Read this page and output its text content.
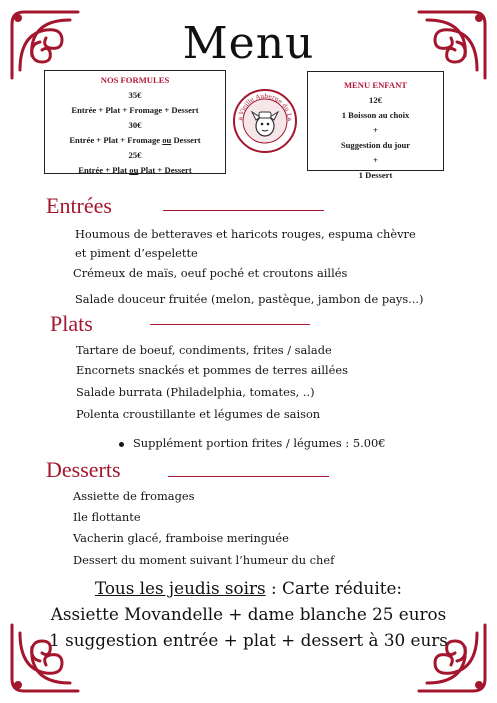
Menu
NOS FORMULES
35€
Entrée + Plat + Fromage + Dessert
30€
Entrée + Plat + Fromage ou Dessert
25€
Entrée + Plat ou Plat + Dessert
a Vieille Auberge du La
MENU ENFANT
12€
1 Boisson au choix
+
Suggestion du jour
+
1 Dessert
Entrées
Houmous de betteraves et haricots rouges, espuma chèvre
et piment d’espelette
Crémeux de maïs, oeuf poché et croutons aillés
Salade douceur fruitée (melon, pastèque, jambon de pays...)
Plats
Tartare de boeuf, condiments, frites / salade
Encornets snackés et pommes de terres aillées
Salade burrata (Philadelphia, tomates, ..)
Polenta croustillante et légumes de saison
Supplément portion frites / légumes : 5.00€
Desserts
Assiette de fromages
Ile flottante
Vacherin glacé, framboise meringuée
Dessert du moment suivant l’humeur du chef
Tous les jeudis soirs : Carte réduite:
Assiette Movandelle + dame blanche 25 euros
1 suggestion entrée + plat + dessert à 30 eurs
